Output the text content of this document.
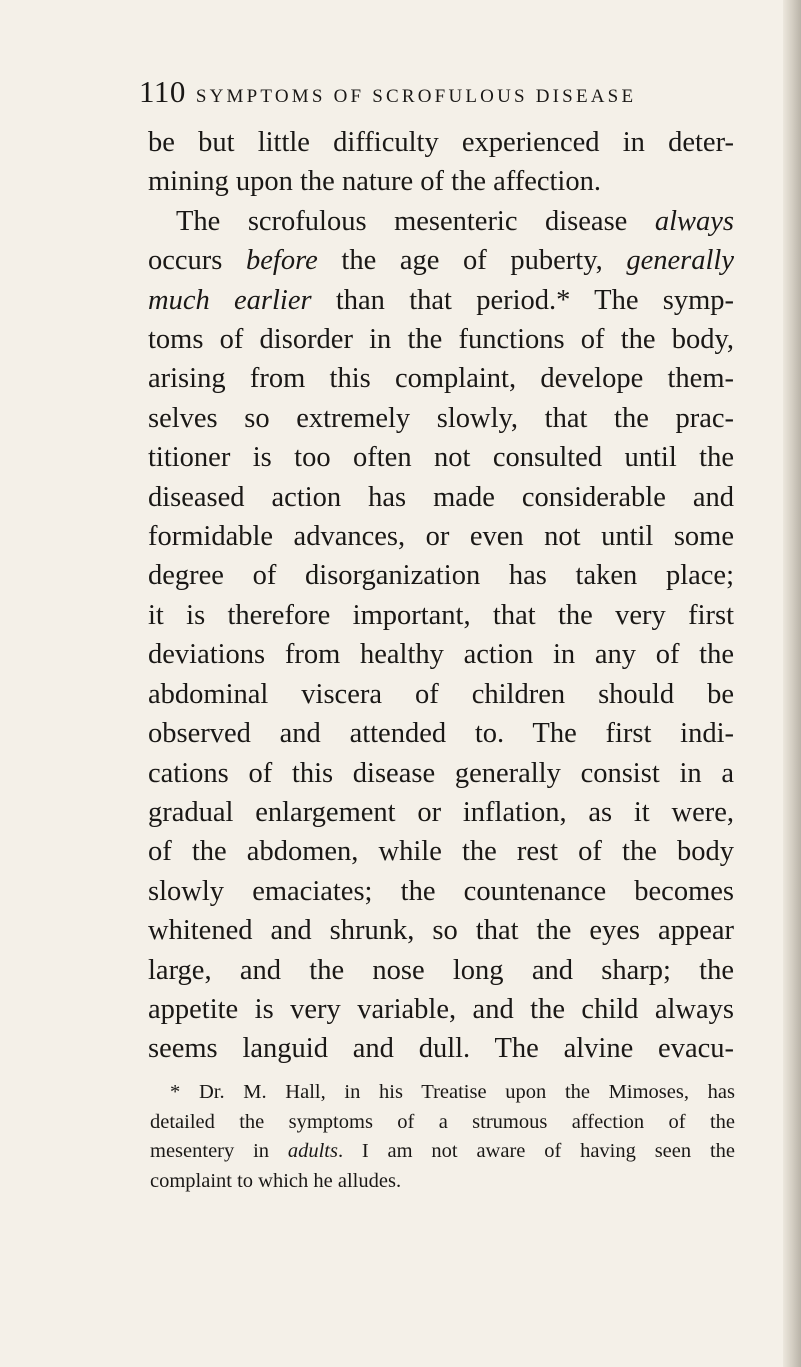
110 SYMPTOMS OF SCROFULOUS DISEASE
be but little difficulty experienced in deter-
mining upon the nature of the affection.
The scrofulous mesenteric disease always
occurs before the age of puberty, generally
much earlier than that period.* The symp-
toms of disorder in the functions of the body,
arising from this complaint, develope them-
selves so extremely slowly, that the prac-
titioner is too often not consulted until the
diseased action has made considerable and
formidable advances, or even not until some
degree of disorganization has taken place;
it is therefore important, that the very first
deviations from healthy action in any of the
abdominal viscera of children should be
observed and attended to. The first indi-
cations of this disease generally consist in a
gradual enlargement or inflation, as it were,
of the abdomen, while the rest of the body
slowly emaciates; the countenance becomes
whitened and shrunk, so that the eyes appear
large, and the nose long and sharp; the
appetite is very variable, and the child always
seems languid and dull. The alvine evacu-
* Dr. M. Hall, in his Treatise upon the Mimoses, has
detailed the symptoms of a strumous affection of the
mesentery in adults. I am not aware of having seen the
complaint to which he alludes.
